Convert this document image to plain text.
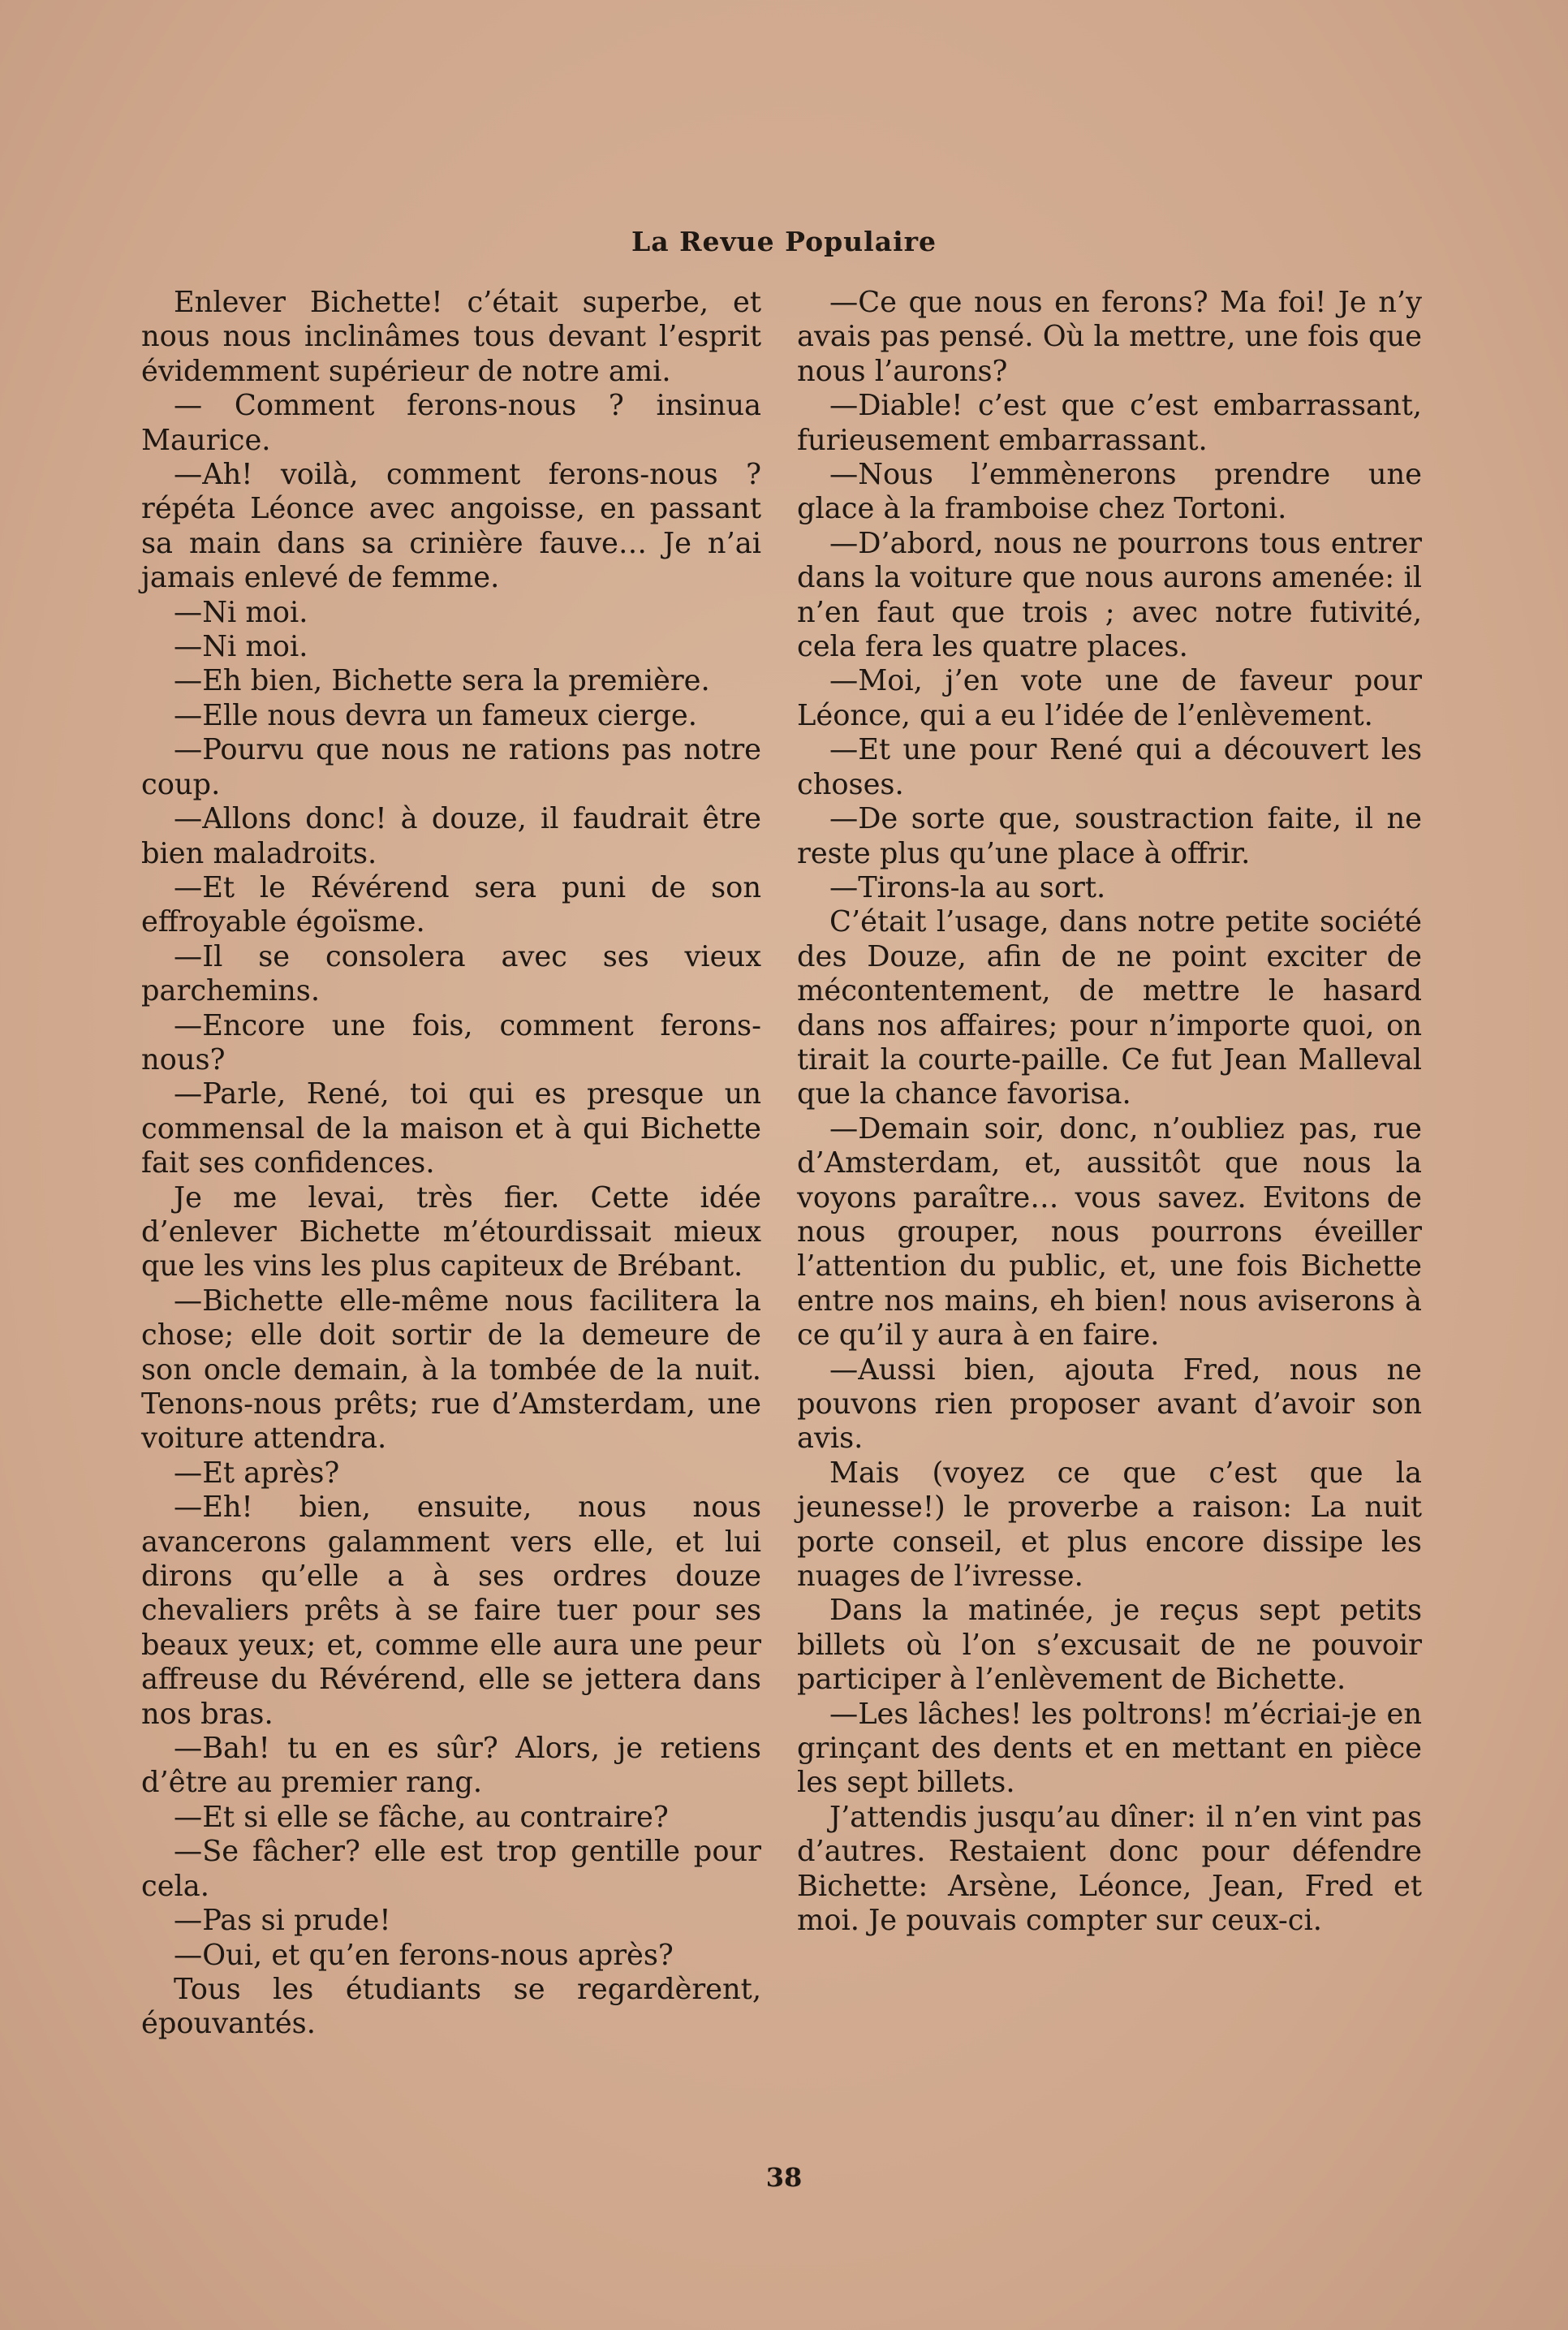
La Revue Populaire

Enlever Bichette! c’était superbe, et nous nous inclinâmes tous devant l’esprit évidemment supérieur de notre ami.

— Comment ferons-nous ? insinua Maurice.

—Ah! voilà, comment ferons-nous ? répéta Léonce avec angoisse, en passant sa main dans sa crinière fauve… Je n’ai jamais enlevé de femme.

—Ni moi.

—Ni moi.

—Eh bien, Bichette sera la première.

—Elle nous devra un fameux cierge.

—Pourvu que nous ne rations pas notre coup.

—Allons donc! à douze, il faudrait être bien maladroits.

—Et le Révérend sera puni de son effroyable égoïsme.

—Il se consolera avec ses vieux parchemins.

—Encore une fois, comment ferons-nous?

—Parle, René, toi qui es presque un commensal de la maison et à qui Bichette fait ses confidences.

Je me levai, très fier. Cette idée d’enlever Bichette m’étourdissait mieux que les vins les plus capiteux de Brébant.

—Bichette elle-même nous facilitera la chose; elle doit sortir de la demeure de son oncle demain, à la tombée de la nuit. Tenons-nous prêts; rue d’Amsterdam, une voiture attendra.

—Et après?

—Eh! bien, ensuite, nous nous avancerons galamment vers elle, et lui dirons qu’elle a à ses ordres douze chevaliers prêts à se faire tuer pour ses beaux yeux; et, comme elle aura une peur affreuse du Révérend, elle se jettera dans nos bras.

—Bah! tu en es sûr? Alors, je retiens d’être au premier rang.

—Et si elle se fâche, au contraire?

—Se fâcher? elle est trop gentille pour cela.

—Pas si prude!

—Oui, et qu’en ferons-nous après?

Tous les étudiants se regardèrent, épouvantés.

—Ce que nous en ferons? Ma foi! Je n’y avais pas pensé. Où la mettre, une fois que nous l’aurons?

—Diable! c’est que c’est embarrassant, furieusement embarrassant.

—Nous l’emmènerons prendre une glace à la framboise chez Tortoni.

—D’abord, nous ne pourrons tous entrer dans la voiture que nous aurons amenée: il n’en faut que trois ; avec notre futivité, cela fera les quatre places.

—Moi, j’en vote une de faveur pour Léonce, qui a eu l’idée de l’enlèvement.

—Et une pour René qui a découvert les choses.

—De sorte que, soustraction faite, il ne reste plus qu’une place à offrir.

—Tirons-la au sort.

C’était l’usage, dans notre petite société des Douze, afin de ne point exciter de mécontentement, de mettre le hasard dans nos affaires; pour n’importe quoi, on tirait la courte-paille. Ce fut Jean Malleval que la chance favorisa.

—Demain soir, donc, n’oubliez pas, rue d’Amsterdam, et, aussitôt que nous la voyons paraître… vous savez. Evitons de nous grouper, nous pourrons éveiller l’attention du public, et, une fois Bichette entre nos mains, eh bien! nous aviserons à ce qu’il y aura à en faire.

—Aussi bien, ajouta Fred, nous ne pouvons rien proposer avant d’avoir son avis.

Mais (voyez ce que c’est que la jeunesse!) le proverbe a raison: La nuit porte conseil, et plus encore dissipe les nuages de l’ivresse.

Dans la matinée, je reçus sept petits billets où l’on s’excusait de ne pouvoir participer à l’enlèvement de Bichette.

—Les lâches! les poltrons! m’écriai-je en grinçant des dents et en mettant en pièce les sept billets.

J’attendis jusqu’au dîner: il n’en vint pas d’autres. Restaient donc pour défendre Bichette: Arsène, Léonce, Jean, Fred et moi. Je pouvais compter sur ceux-ci.

38
